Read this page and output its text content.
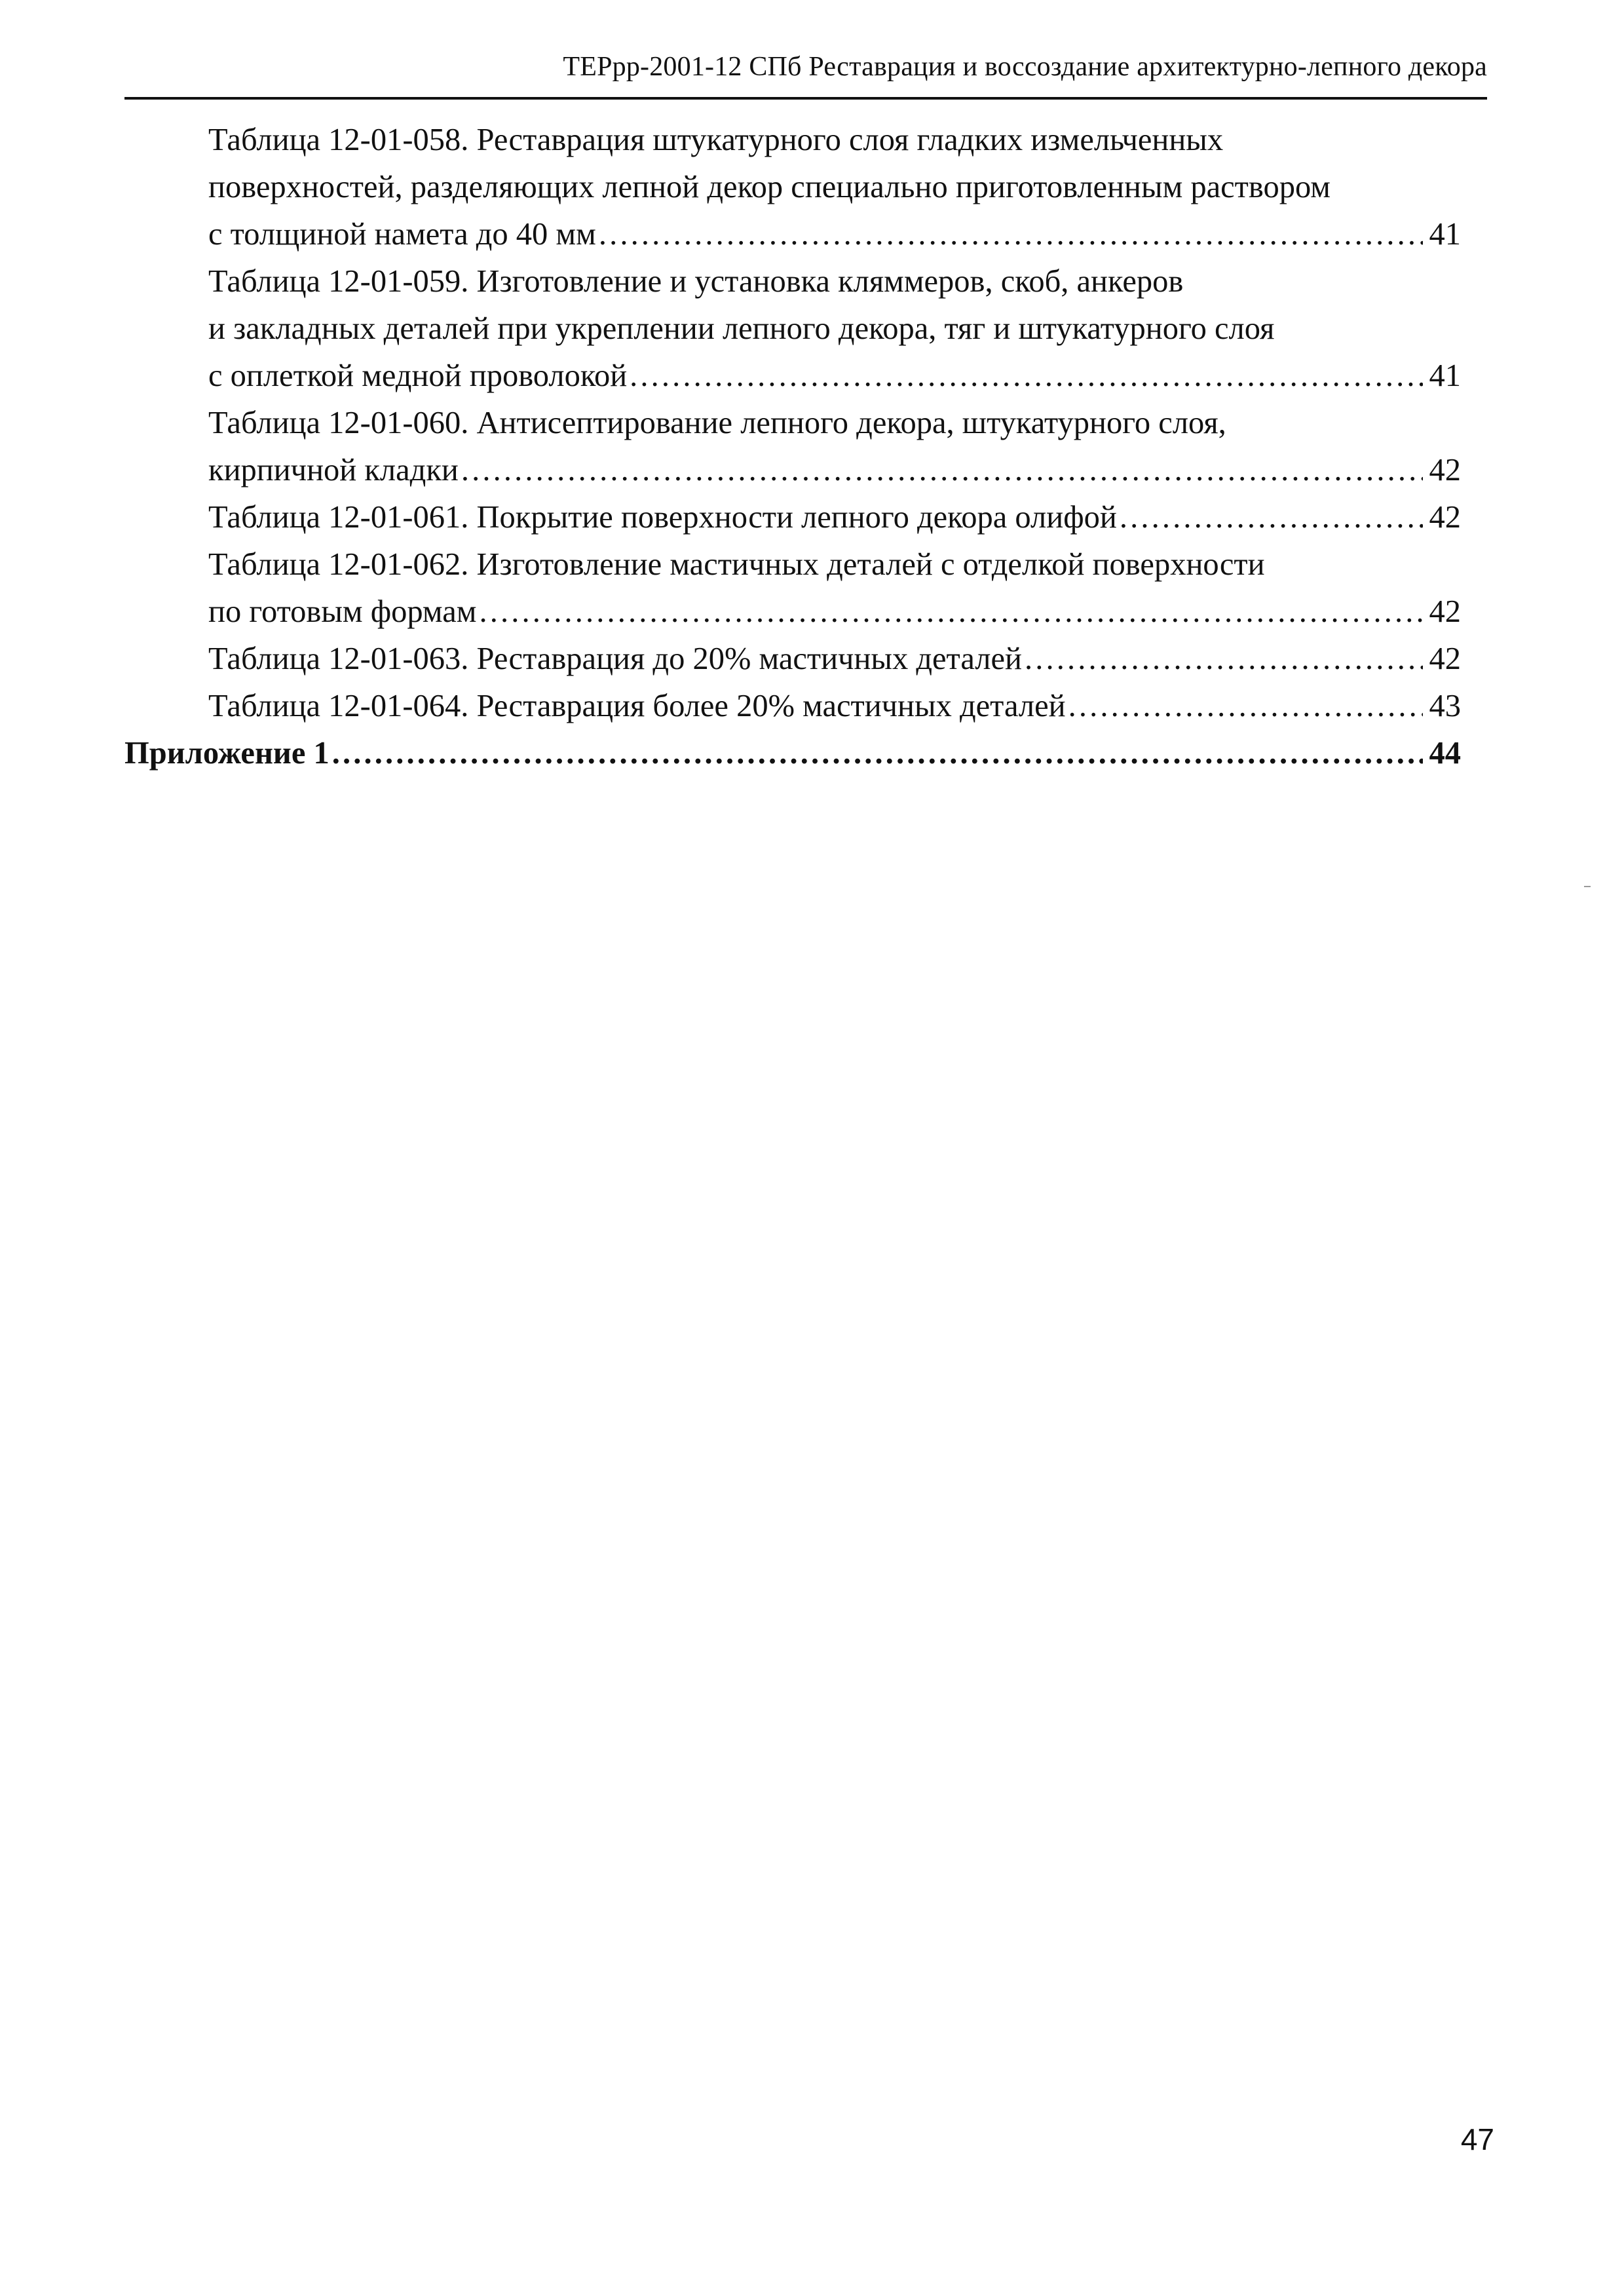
ТЕРрр-2001-12 СПб Реставрация и воссоздание архитектурно-лепного декора
Таблица 12-01-058. Реставрация штукатурного слоя гладких измельченных
поверхностей, разделяющих лепной декор специально приготовленным раствором
с толщиной намета до 40 мм . . .	41
Таблица 12-01-059. Изготовление и установка кляммеров, скоб, анкеров
и закладных деталей при укреплении лепного декора, тяг и штукатурного слоя
с оплеткой медной проволокой . . .	41
Таблица 12-01-060. Антисептирование лепного декора, штукатурного слоя,
кирпичной кладки . . .	42
Таблица 12-01-061. Покрытие поверхности лепного декора олифой . . .	42
Таблица 12-01-062. Изготовление мастичных деталей с отделкой поверхности
по готовым формам . . .	42
Таблица 12-01-063. Реставрация до 20% мастичных деталей . . .	42
Таблица 12-01-064. Реставрация более 20% мастичных деталей . . .	43
Приложение 1 . . .	44
47
